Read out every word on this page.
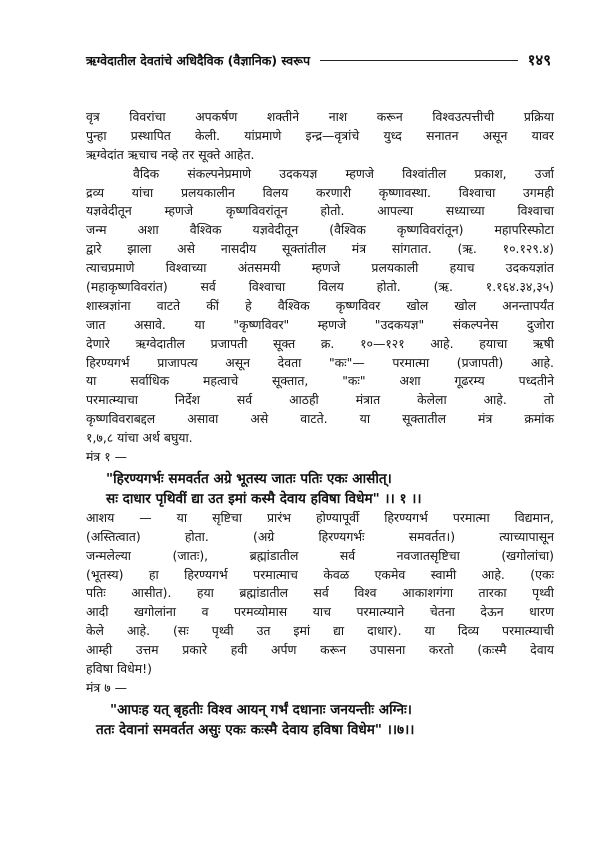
ऋग्वेदातील देवतांचे अधिदैविक (वैज्ञानिक) स्वरूप	१४९
वृत्र विवरांचा अपकर्षण शक्तीने नाश करून विश्वउत्पत्तीची प्रक्रिया
पुन्हा प्रस्थापित केली. यांप्रमाणे इन्द्र—वृत्रांचे युध्द सनातन असून यावर
ऋग्वेदांत ऋचाच नव्हे तर सूक्ते आहेत.
वैदिक संकल्पनेप्रमाणे उदकयज्ञ म्हणजे विश्वांतील प्रकाश, उर्जा
द्रव्य यांचा प्रलयकालीन विलय करणारी कृष्णावस्था. विश्वाचा उगमही
यज्ञवेदीतून म्हणजे कृष्णविवरांतून होतो. आपल्या सध्याच्या विश्वाचा
जन्म अशा वैश्विक यज्ञवेदीतून (वैश्विक कृष्णविवरांतून) महापरिस्फोटा
द्वारे झाला असे नासदीय सूक्तांतील मंत्र सांगतात. (ऋ. १०.१२९.४)
त्याचप्रमाणे विश्वाच्या अंतसमयी म्हणजे प्रलयकाली हयाच उदकयज्ञांत
(महाकृष्णविवरांत) सर्व विश्वाचा विलय होतो. (ऋ. १.१६४.३४,३५)
शास्त्रज्ञांना वाटते कीं हे वैश्विक कृष्णविवर खोल खोल अनन्तापर्यंत
जात असावे. या "कृष्णविवर" म्हणजे "उदकयज्ञ" संकल्पनेस दुजोरा
देणारे ऋग्वेदातील प्रजापती सूक्त क्र. १०—१२१ आहे. हयाचा ऋषी
हिरण्यगर्भ प्राजापत्य असून देवता "कः"— परमात्मा (प्रजापती) आहे.
या सर्वाधिक महत्वाचे सूक्तात, "कः" अशा गूढरम्य पध्दतीने
परमात्म्याचा निर्देश सर्व आठही मंत्रात केलेला आहे. तो
कृष्णविवराबद्दल असावा असे वाटते. या सूक्तातील मंत्र क्रमांक
१,७,८ यांचा अर्थ बघुया.
मंत्र १ —
"हिरण्यगर्भः समवर्तत अग्रे भूतस्य जातः पतिः एकः आसीत्।
सः दाधार पृथिवीं द्या उत इमां कस्मै देवाय हविषा विधेम" ।। १ ।।
आशय — या सृष्टिचा प्रारंभ होण्यापूर्वी हिरण्यगर्भ परमात्मा विद्यमान,
(अस्तित्वात) होता. (अग्रे हिरण्यगर्भः समवर्तत।) त्याच्यापासून
जन्मलेल्या (जातः), ब्रह्मांडातील सर्व नवजातसृष्टिचा (खगोलांचा)
(भूतस्य) हा हिरण्यगर्भ परमात्माच केवळ एकमेव स्वामी आहे. (एकः
पतिः आसीत). हया ब्रह्मांडातील सर्व विश्व आकाशगंगा तारका पृथ्वी
आदी खगोलांना व परमव्योमास याच परमात्म्याने चेतना देऊन धारण
केले आहे. (सः पृथ्वी उत इमां द्या दाधार). या दिव्य परमात्म्याची
आम्ही उत्तम प्रकारे हवी अर्पण करून उपासना करतो (कःस्मै देवाय
हविषा विधेम!)
मंत्र ७ —
"आपःह यत् बृहतीः विश्व आयन् गर्भं दधानाः जनयन्तीः अग्निः।
ततः देवानां समवर्तत असुः एकः कःस्मै देवाय हविषा विधेम" ।।७।।
